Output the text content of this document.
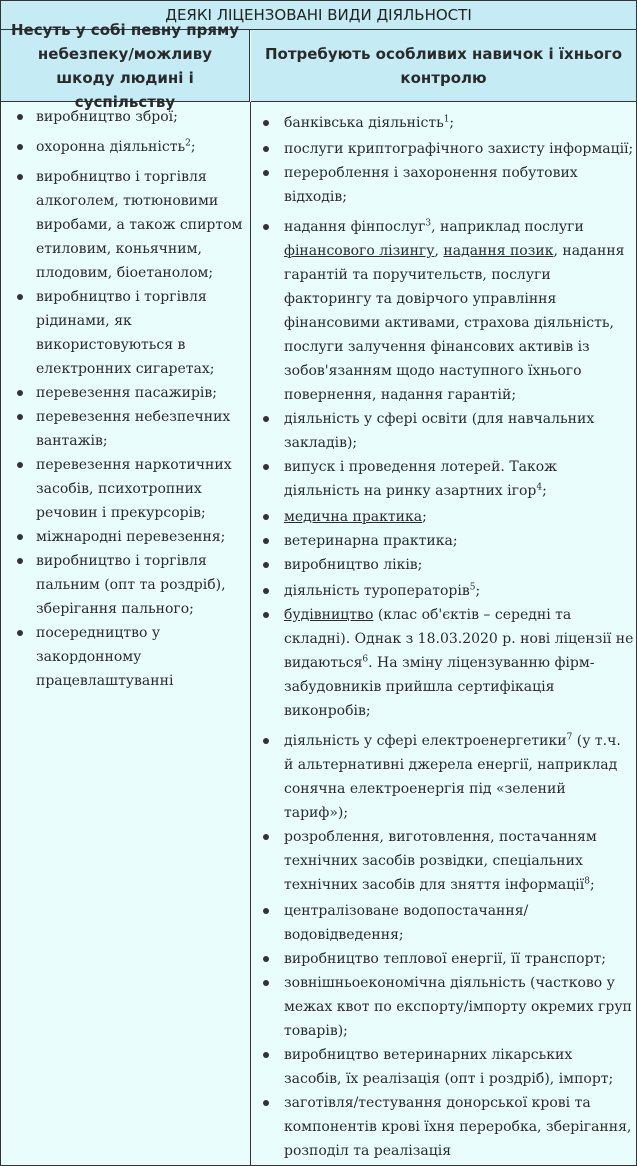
ДЕЯКІ ЛІЦЕНЗОВАНІ ВИДИ ДІЯЛЬНОСТІ
Несуть у собі певну пряму небезпеку/можливу шкоду людині і суспільству
Потребують особливих навичок і їхнього контролю
виробництво зброї;
охоронна діяльність$^2$;
виробництво і торгівля алкоголем, тютюновими виробами, а також спиртом етиловим, коньячним, плодовим, біоетанолом;
виробництво і торгівля рідинами, як використовуються в електронних сигаретах;
перевезення пасажирів;
перевезення небезпечних вантажів;
перевезення наркотичних засобів, психотропних речовин і прекурсорів;
міжнародні перевезення;
виробництво і торгівля пальним (опт та роздріб), зберігання пального;
посередництво у закордонному працевлаштуванні
банківська діяльність$^1$;
послуги криптографічного захисту інформації;
перероблення і захоронення побутових відходів;
надання фінпослуг$^3$, наприклад послуги фінансового лізингу, надання позик, надання гарантій та поручительств, послуги факторингу та довірчого управління фінансовими активами, страхова діяльність, послуги залучення фінансових активів із зобов'язанням щодо наступного їхнього повернення, надання гарантій;
діяльність у сфері освіти (для навчальних закладів);
випуск і проведення лотерей. Також діяльність на ринку азартних ігор$^4$;
медична практика;
ветеринарна практика;
виробництво ліків;
діяльність туроператорів$^5$;
будівництво (клас об'єктів – середні та складні). Однак з 18.03.2020 р. нові ліцензії не видаються$^6$. На зміну ліцензуванню фірм-забудовників прийшла сертифікація виконробів;
діяльність у сфері електроенергетики$^7$ (у т.ч. й альтернативні джерела енергії, наприклад сонячна електроенергія під «зелений тариф»);
розроблення, виготовлення, постачанням технічних засобів розвідки, спеціальних технічних засобів для зняття інформації$^8$;
централізоване водопостачання/водовідведення;
виробництво теплової енергії, її транспорт;
зовнішньоекономічна діяльність (частково у межах квот по експорту/імпорту окремих груп товарів);
виробництво ветеринарних лікарських засобів, їх реалізація (опт і роздріб), імпорт;
заготівля/тестування донорської крові та компонентів крові їхня переробка, зберігання, розподіл та реалізація
